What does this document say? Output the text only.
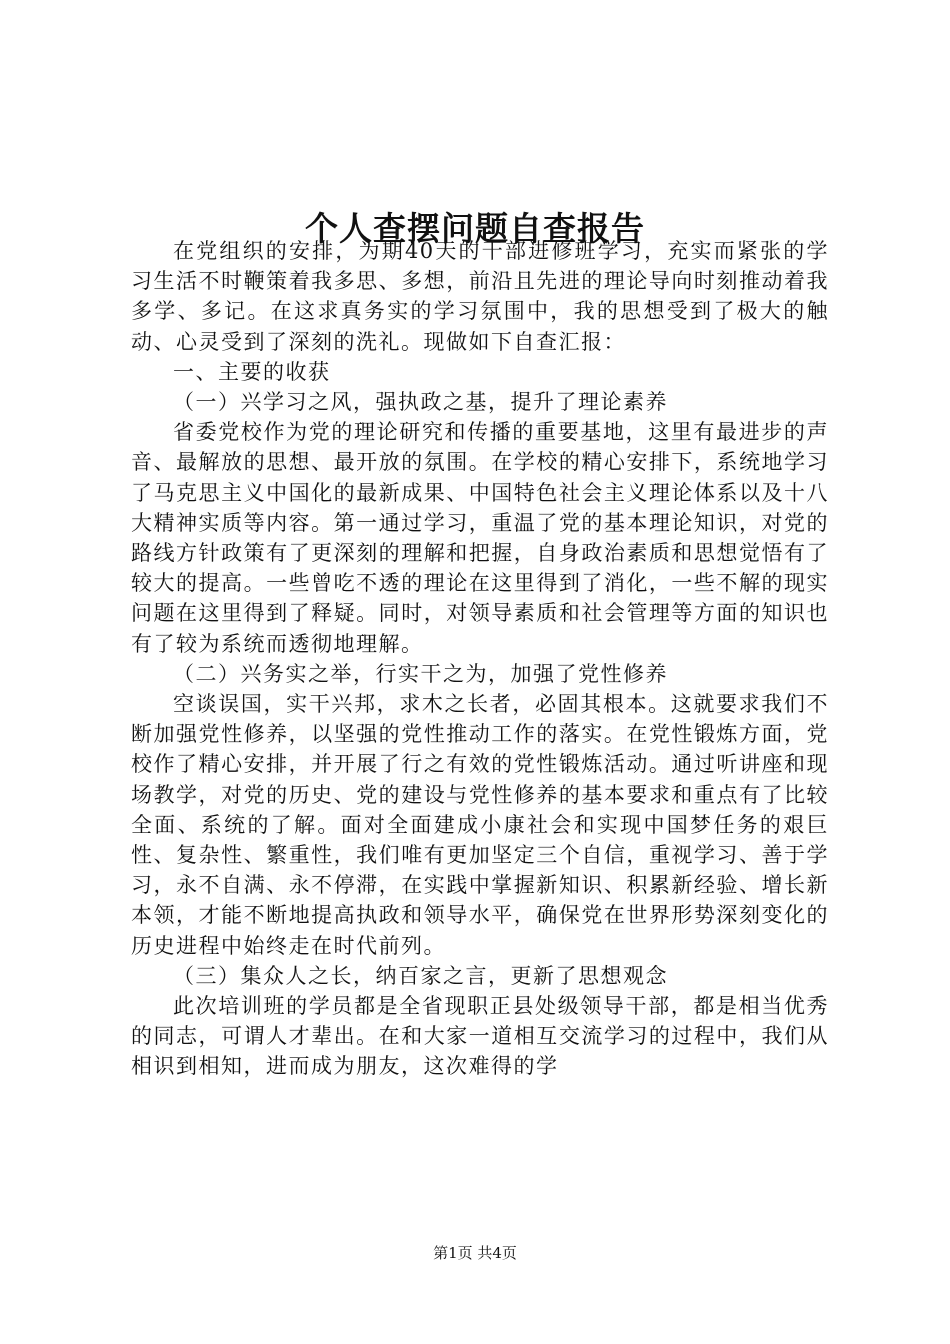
个人查摆问题自查报告

在党组织的安排，为期40天的干部进修班学习，充实而紧张的学习生活不时鞭策着我多思、多想，前沿且先进的理论导向时刻推动着我多学、多记。在这求真务实的学习氛围中，我的思想受到了极大的触动、心灵受到了深刻的洗礼。现做如下自查汇报：

一、主要的收获

（一）兴学习之风，强执政之基，提升了理论素养

省委党校作为党的理论研究和传播的重要基地，这里有最进步的声音、最解放的思想、最开放的氛围。在学校的精心安排下，系统地学习了马克思主义中国化的最新成果、中国特色社会主义理论体系以及十八大精神实质等内容。第一通过学习，重温了党的基本理论知识，对党的路线方针政策有了更深刻的理解和把握，自身政治素质和思想觉悟有了较大的提高。一些曾吃不透的理论在这里得到了消化，一些不解的现实问题在这里得到了释疑。同时，对领导素质和社会管理等方面的知识也有了较为系统而透彻地理解。

（二）兴务实之举，行实干之为，加强了党性修养

空谈误国，实干兴邦，求木之长者，必固其根本。这就要求我们不断加强党性修养，以坚强的党性推动工作的落实。在党性锻炼方面，党校作了精心安排，并开展了行之有效的党性锻炼活动。通过听讲座和现场教学，对党的历史、党的建设与党性修养的基本要求和重点有了比较全面、系统的了解。面对全面建成小康社会和实现中国梦任务的艰巨性、复杂性、繁重性，我们唯有更加坚定三个自信，重视学习、善于学习，永不自满、永不停滞，在实践中掌握新知识、积累新经验、增长新本领，才能不断地提高执政和领导水平，确保党在世界形势深刻变化的历史进程中始终走在时代前列。

（三）集众人之长，纳百家之言，更新了思想观念

此次培训班的学员都是全省现职正县处级领导干部，都是相当优秀的同志，可谓人才辈出。在和大家一道相互交流学习的过程中，我们从相识到相知，进而成为朋友，这次难得的学

第1页 共4页
